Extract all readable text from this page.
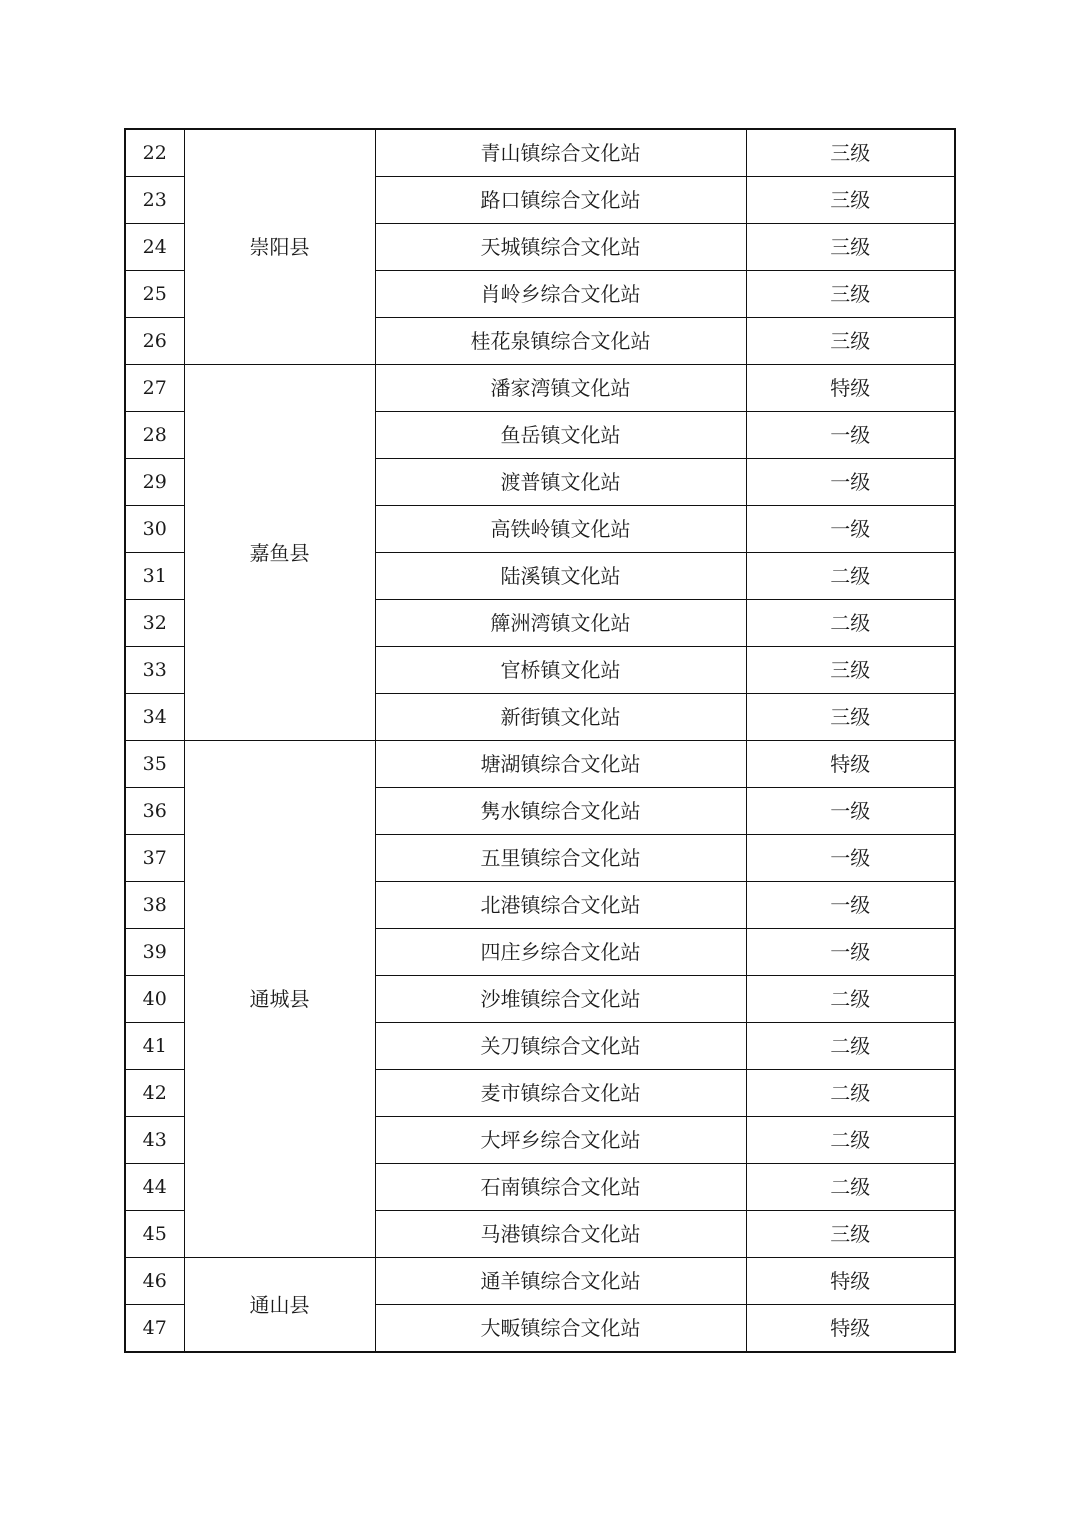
22	崇阳县	青山镇综合文化站	三级
23		路口镇综合文化站	三级
24		天城镇综合文化站	三级
25		肖岭乡综合文化站	三级
26		桂花泉镇综合文化站	三级
27	嘉鱼县	潘家湾镇文化站	特级
28		鱼岳镇文化站	一级
29		渡普镇文化站	一级
30		高铁岭镇文化站	一级
31		陆溪镇文化站	二级
32		簰洲湾镇文化站	二级
33		官桥镇文化站	三级
34		新街镇文化站	三级
35	通城县	塘湖镇综合文化站	特级
36		隽水镇综合文化站	一级
37		五里镇综合文化站	一级
38		北港镇综合文化站	一级
39		四庄乡综合文化站	一级
40		沙堆镇综合文化站	二级
41		关刀镇综合文化站	二级
42		麦市镇综合文化站	二级
43		大坪乡综合文化站	二级
44		石南镇综合文化站	二级
45		马港镇综合文化站	三级
46	通山县	通羊镇综合文化站	特级
47		大畈镇综合文化站	特级
